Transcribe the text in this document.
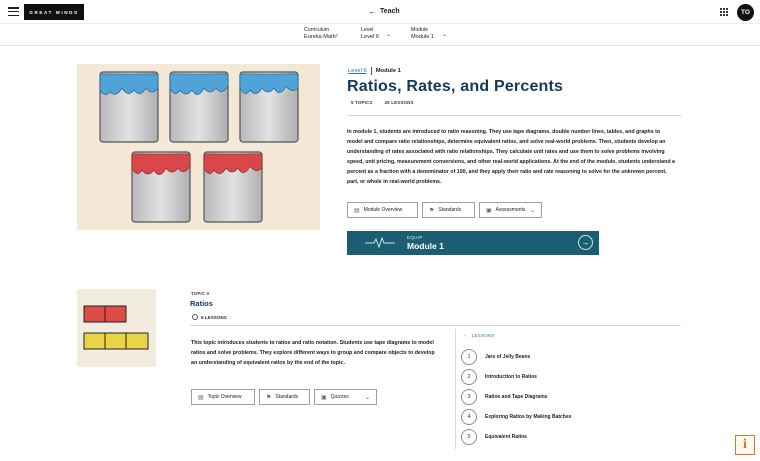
GREAT MINDS	← Teach	TO
Curriculum
Eureka Math²
Level
Level 6 ⌄
Module
Module 1 ⌄
Level 6 Module 1
Ratios, Rates, and Percents
5 TOPICS	26 LESSONS
In module 1, students are introduced to ratio reasoning. They use tape diagrams, double number lines, tables, and graphs to model and compare ratio relationships, determine equivalent ratios, and solve real-world problems. Then, students develop an understanding of rates associated with ratio relationships. They calculate unit rates and use them to solve problems involving speed, unit pricing, measurement conversions, and other real-world applications. At the end of the module, students understand a percent as a fraction with a denominator of 100, and they apply their ratio and rate reasoning to solve for the unknown percent, part, or whole in real-world problems.
▤ Module Overview	⚑ Standards	▣ Assessments ⌄
EQUIP
Module 1	→
TOPIC A
Ratios
6 LESSONS
This topic introduces students to ratios and ratio notation. Students use tape diagrams to model ratios and solve problems. They explore different ways to group and compare objects to develop an understanding of equivalent ratios by the end of the topic.
▤ Topic Overview	⚑ Standards	▣ Quizzes	⌄
› LESSONS
1	Jars of Jelly Beans
2	Introduction to Ratios
3	Ratios and Tape Diagrams
4	Exploring Ratios by Making Batches
5	Equivalent Ratios	i
